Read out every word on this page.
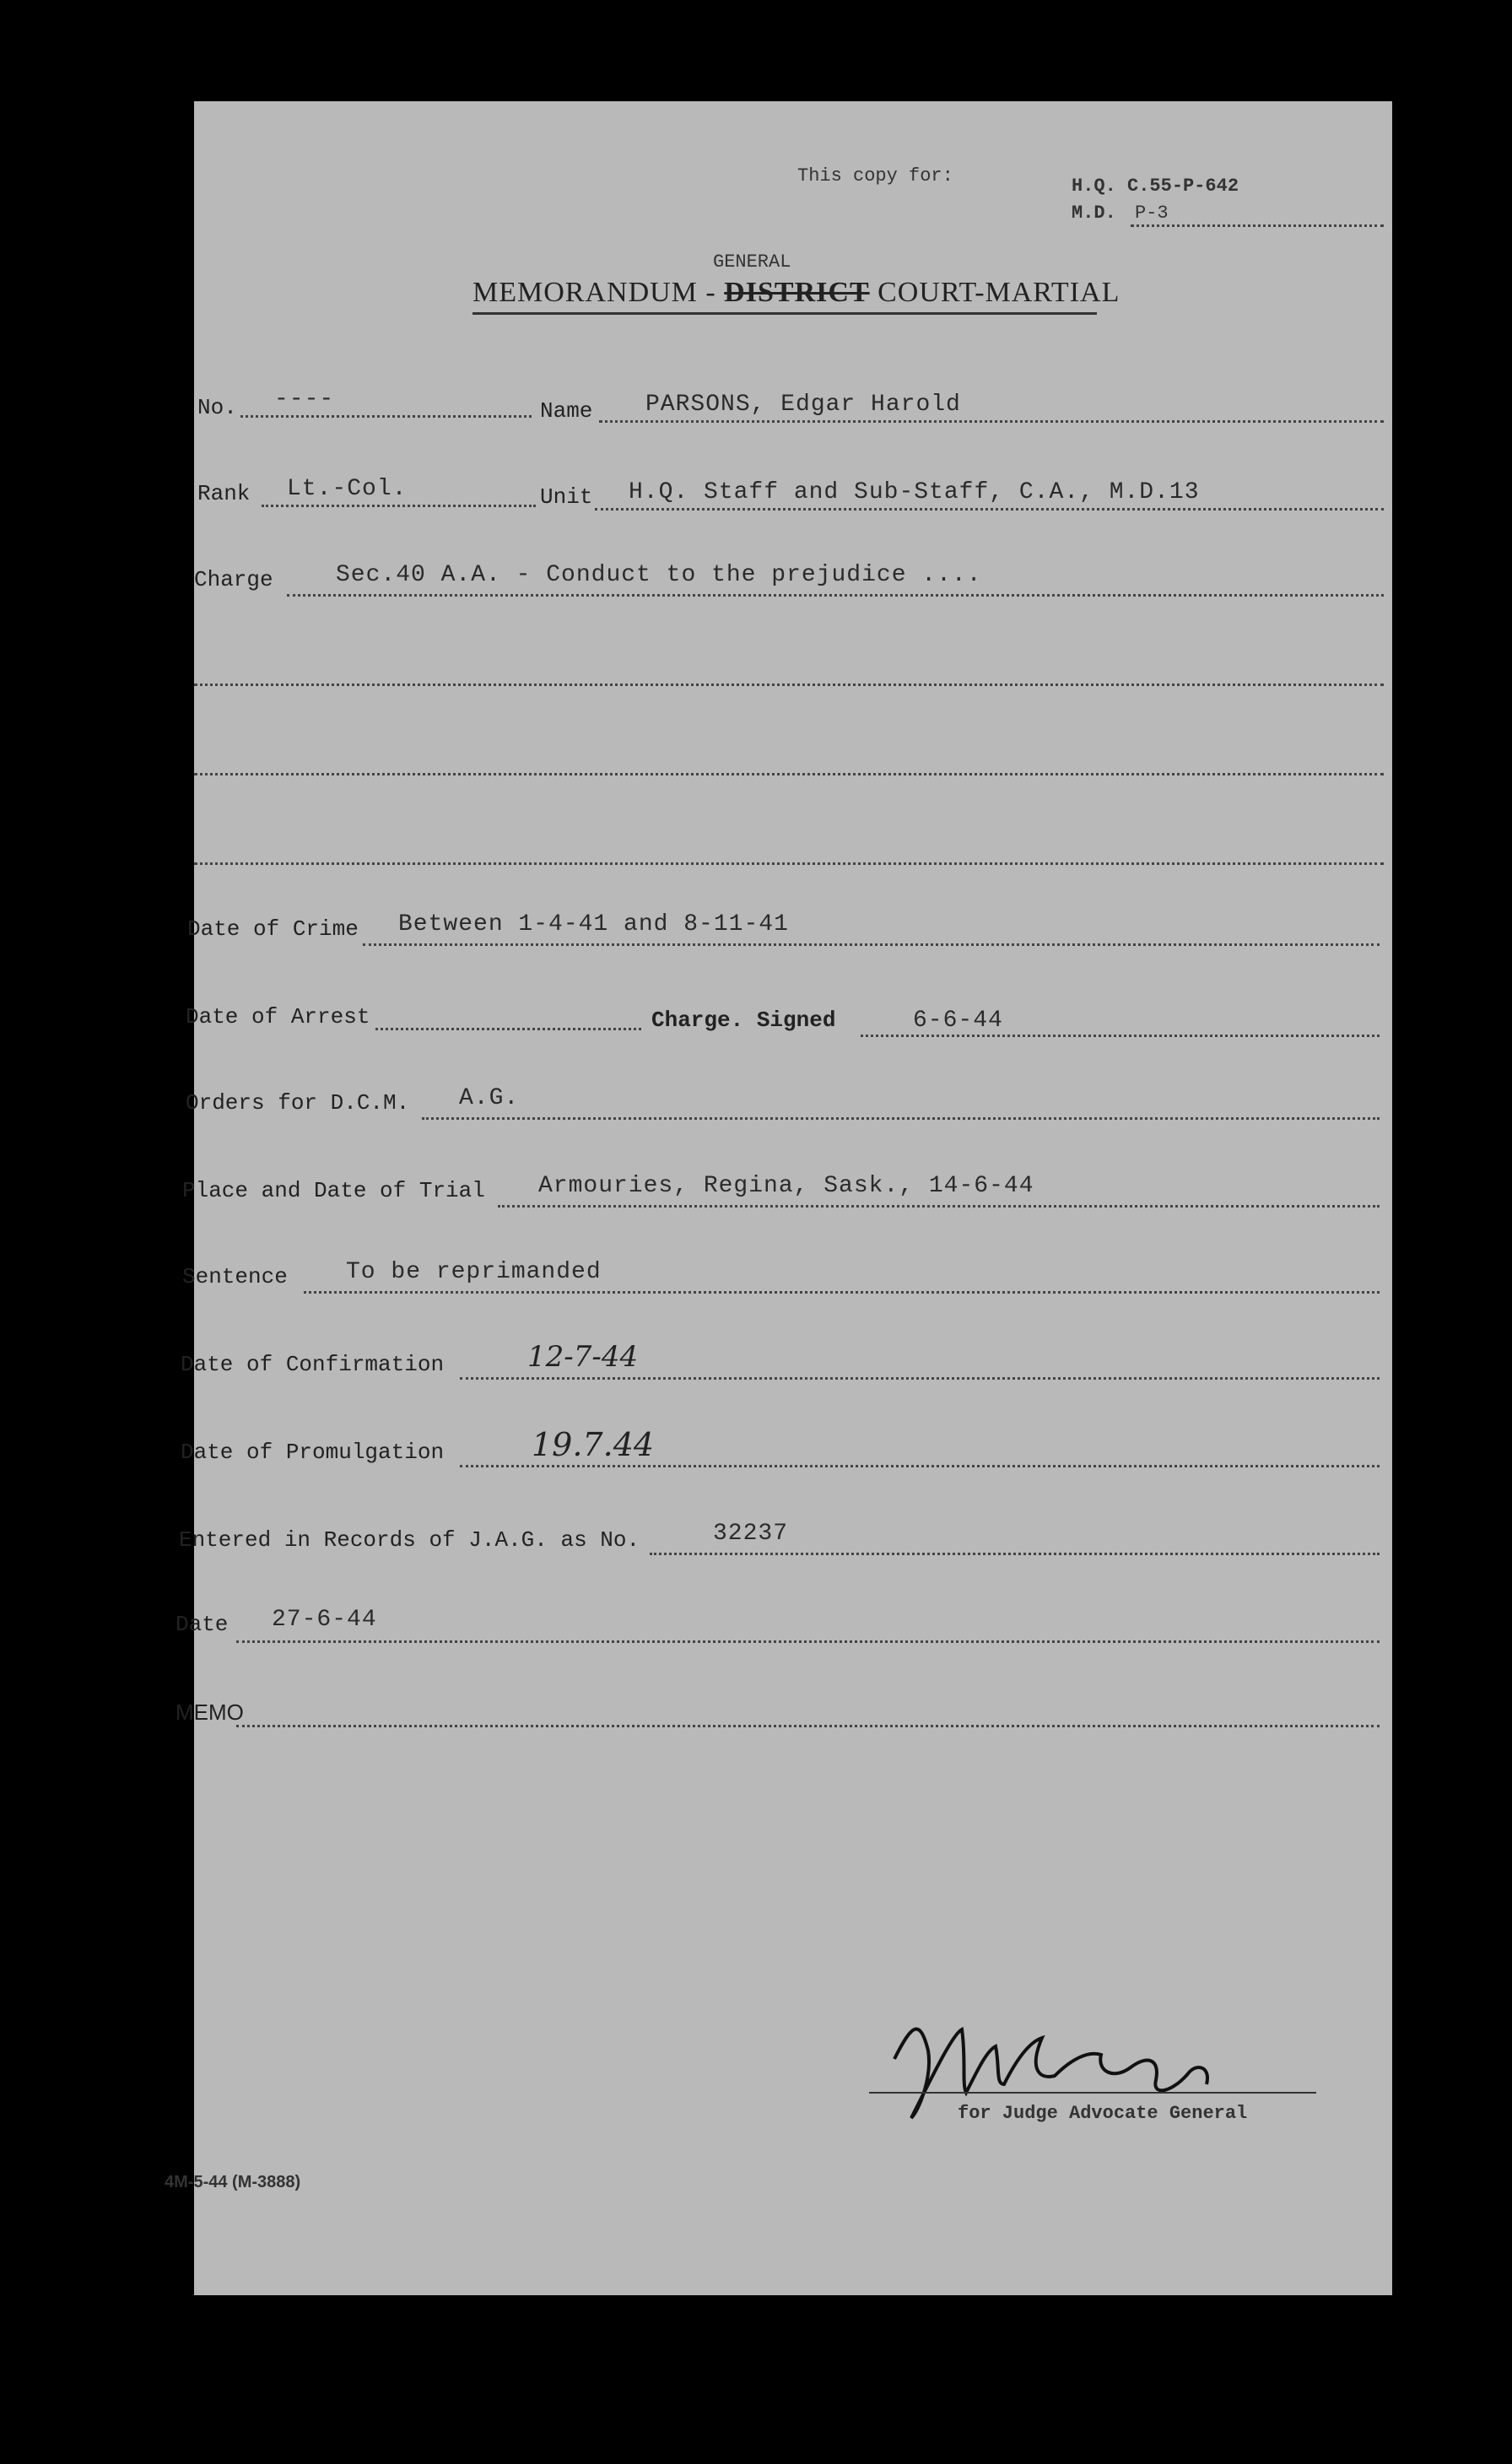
This copy for:	H.Q. C.55-P-642
M.D. P-3
GENERAL
MEMORANDUM - DISTRICT COURT-MARTIAL
No. ----	Name PARSONS, Edgar Harold
Rank Lt.-Col.	Unit H.Q. Staff and Sub-Staff, C.A., M.D.13
Charge	Sec.40 A.A. - Conduct to the prejudice ....
Date of Crime Between 1-4-41 and 8-11-41
Date of Arrest	Charge. Signed	6-6-44
Orders for D.C.M. A.G.
Place and Date of Trial Armouries, Regina, Sask., 14-6-44
Sentence To be reprimanded
Date of Confirmation	12-7-44
Date of Promulgation	19.7.44
Entered in Records of J.A.G. as No.	32237
Date 27-6-44
MEMO
for Judge Advocate General
4M-5-44 (M-3888)
